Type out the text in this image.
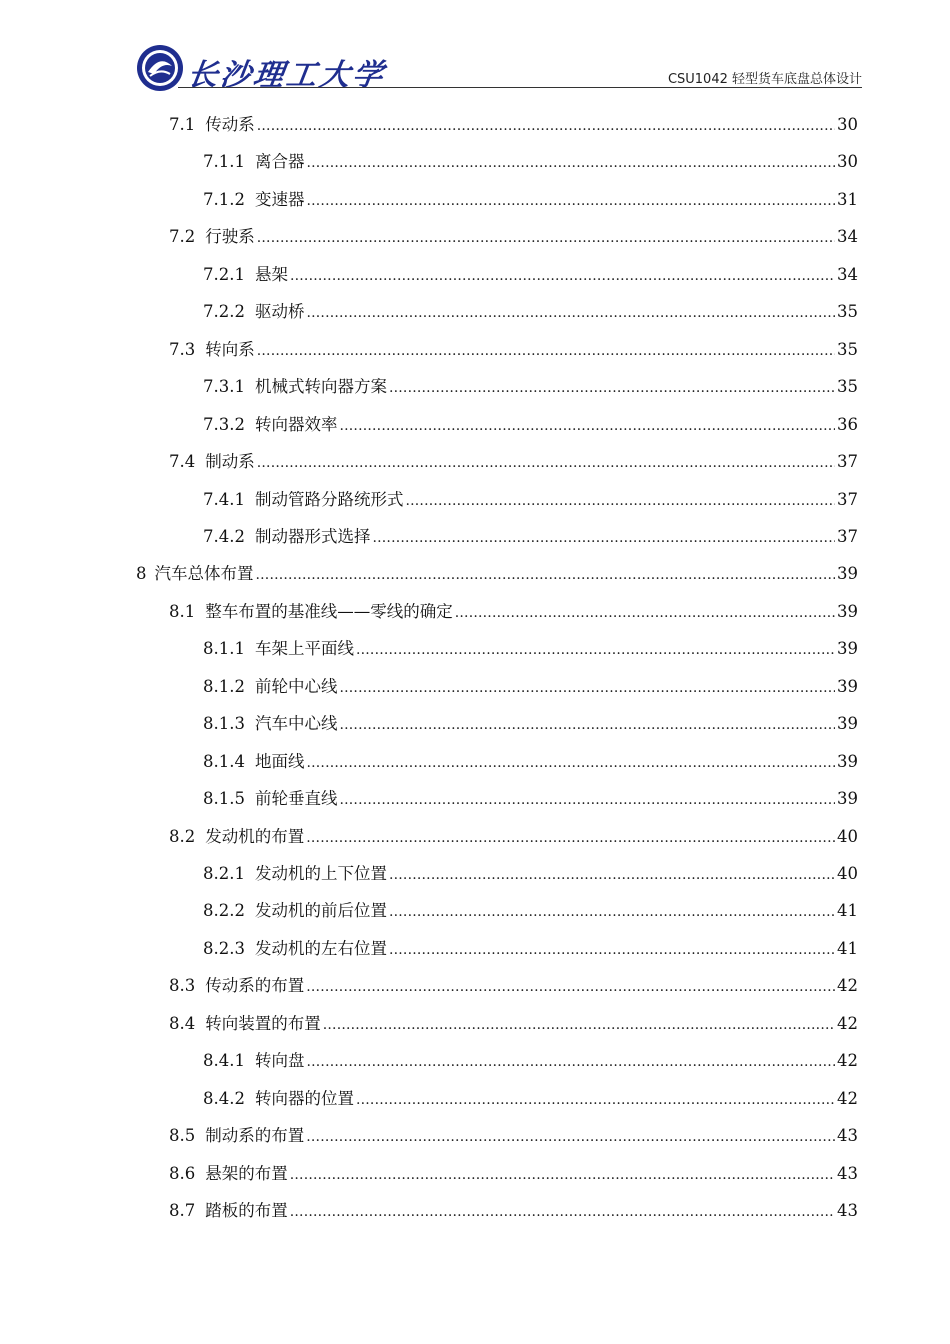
长沙理工大学	CSU1042 轻型货车底盘总体设计
7.1 传动系 .....	30
7.1.1 离合器 .....	30
7.1.2 变速器 .....	31
7.2 行驶系 .....	34
7.2.1 悬架 .....	34
7.2.2 驱动桥 .....	35
7.3 转向系 .....	35
7.3.1 机械式转向器方案 .....	35
7.3.2 转向器效率 .....	36
7.4 制动系 .....	37
7.4.1 制动管路分路统形式 .....	37
7.4.2 制动器形式选择 .....	37
8 汽车总体布置 .....	39
8.1 整车布置的基准线——零线的确定 .....	39
8.1.1 车架上平面线 .....	39
8.1.2 前轮中心线 .....	39
8.1.3 汽车中心线 .....	39
8.1.4 地面线 .....	39
8.1.5 前轮垂直线 .....	39
8.2 发动机的布置 .....	40
8.2.1 发动机的上下位置 .....	40
8.2.2 发动机的前后位置 .....	41
8.2.3 发动机的左右位置 .....	41
8.3 传动系的布置 .....	42
8.4 转向装置的布置 .....	42
8.4.1 转向盘 .....	42
8.4.2 转向器的位置 .....	42
8.5 制动系的布置 .....	43
8.6 悬架的布置 .....	43
8.7 踏板的布置 .....	43
